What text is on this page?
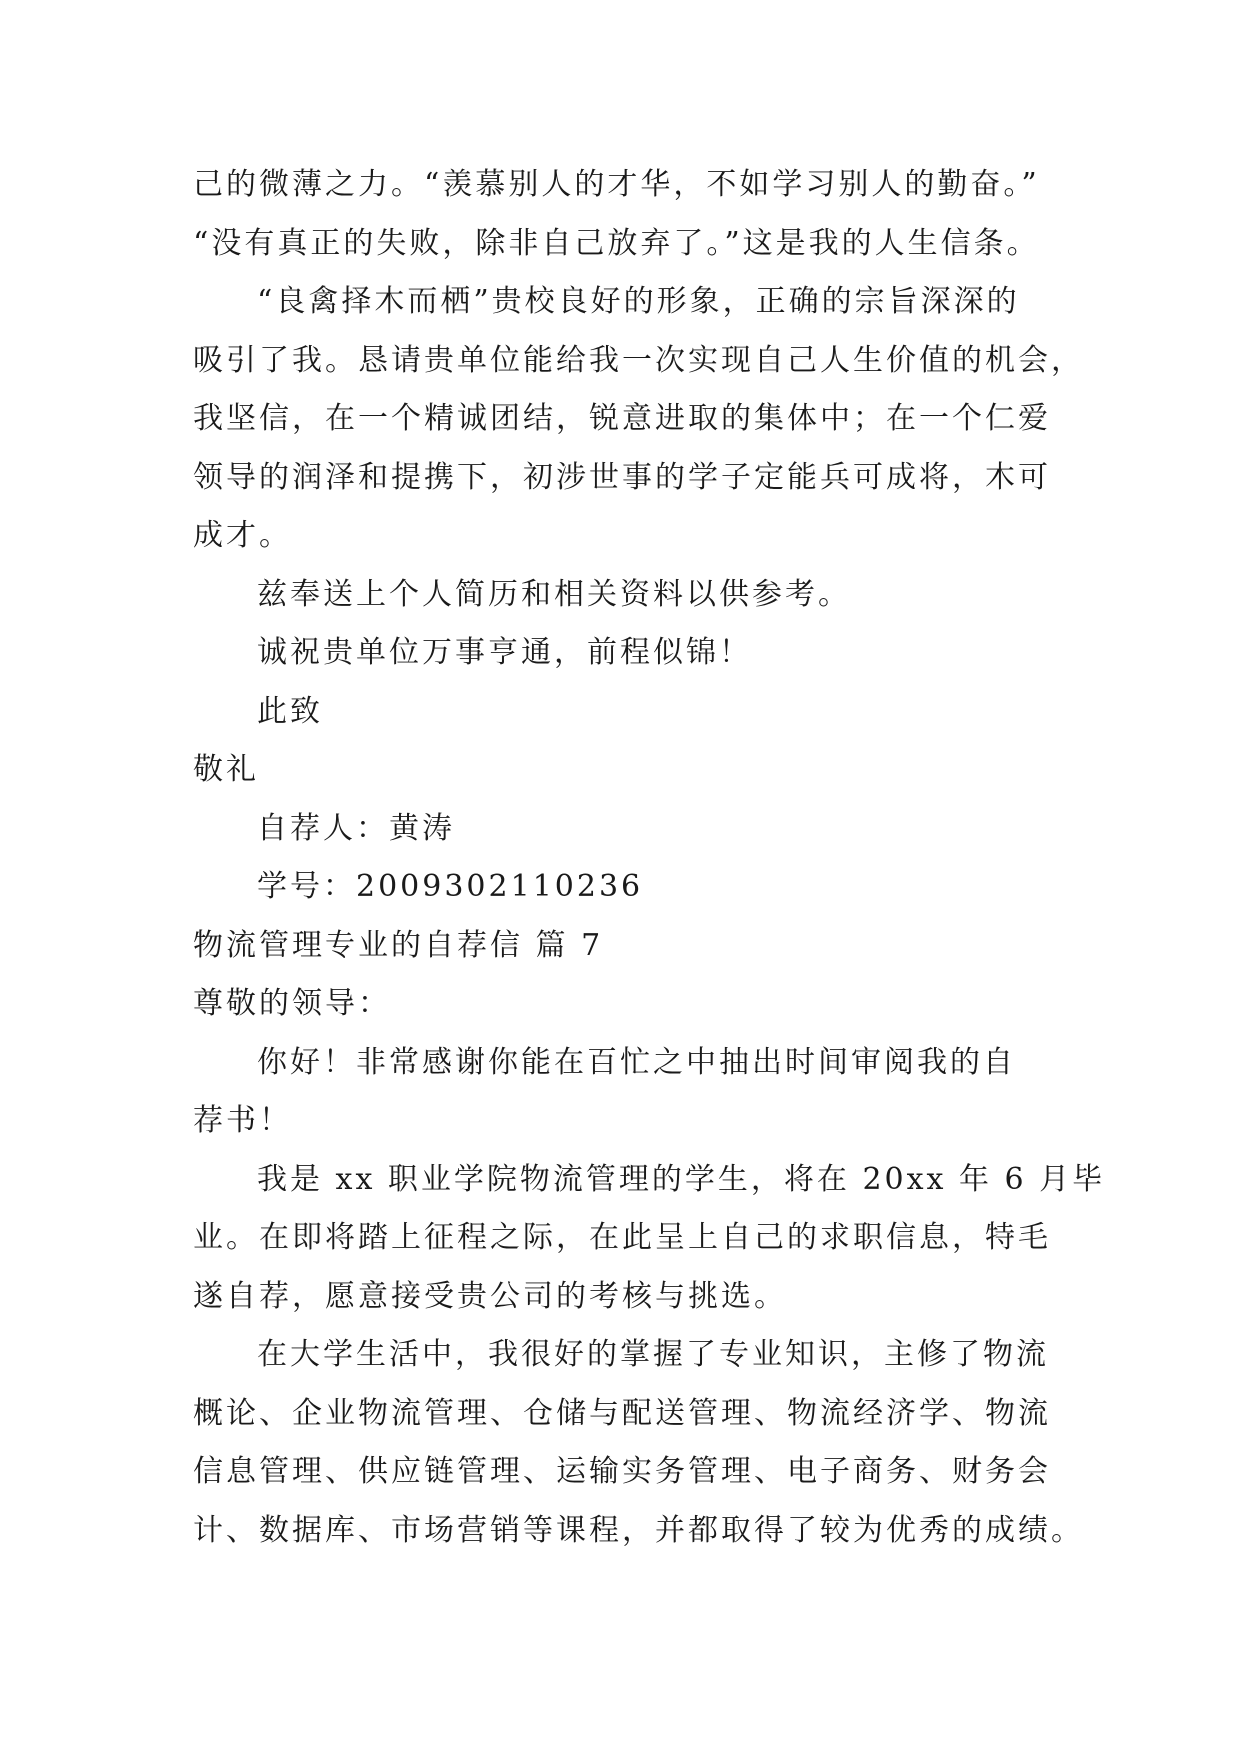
己的微薄之力。“羡慕别人的才华，不如学习别人的勤奋。”
“没有真正的失败，除非自己放弃了。”这是我的人生信条。
“良禽择木而栖”贵校良好的形象，正确的宗旨深深的
吸引了我。恳请贵单位能给我一次实现自己人生价值的机会，
我坚信，在一个精诚团结，锐意进取的集体中；在一个仁爱
领导的润泽和提携下，初涉世事的学子定能兵可成将，木可
成才。
兹奉送上个人简历和相关资料以供参考。
诚祝贵单位万事亨通，前程似锦！
此致
敬礼
自荐人：黄涛
学号：2009302110236
物流管理专业的自荐信 篇 7
尊敬的领导：
你好！非常感谢你能在百忙之中抽出时间审阅我的自
荐书！
我是 xx 职业学院物流管理的学生，将在 20xx 年 6 月毕
业。在即将踏上征程之际，在此呈上自己的求职信息，特毛
遂自荐，愿意接受贵公司的考核与挑选。
在大学生活中，我很好的掌握了专业知识，主修了物流
概论、企业物流管理、仓储与配送管理、物流经济学、物流
信息管理、供应链管理、运输实务管理、电子商务、财务会
计、数据库、市场营销等课程，并都取得了较为优秀的成绩。
